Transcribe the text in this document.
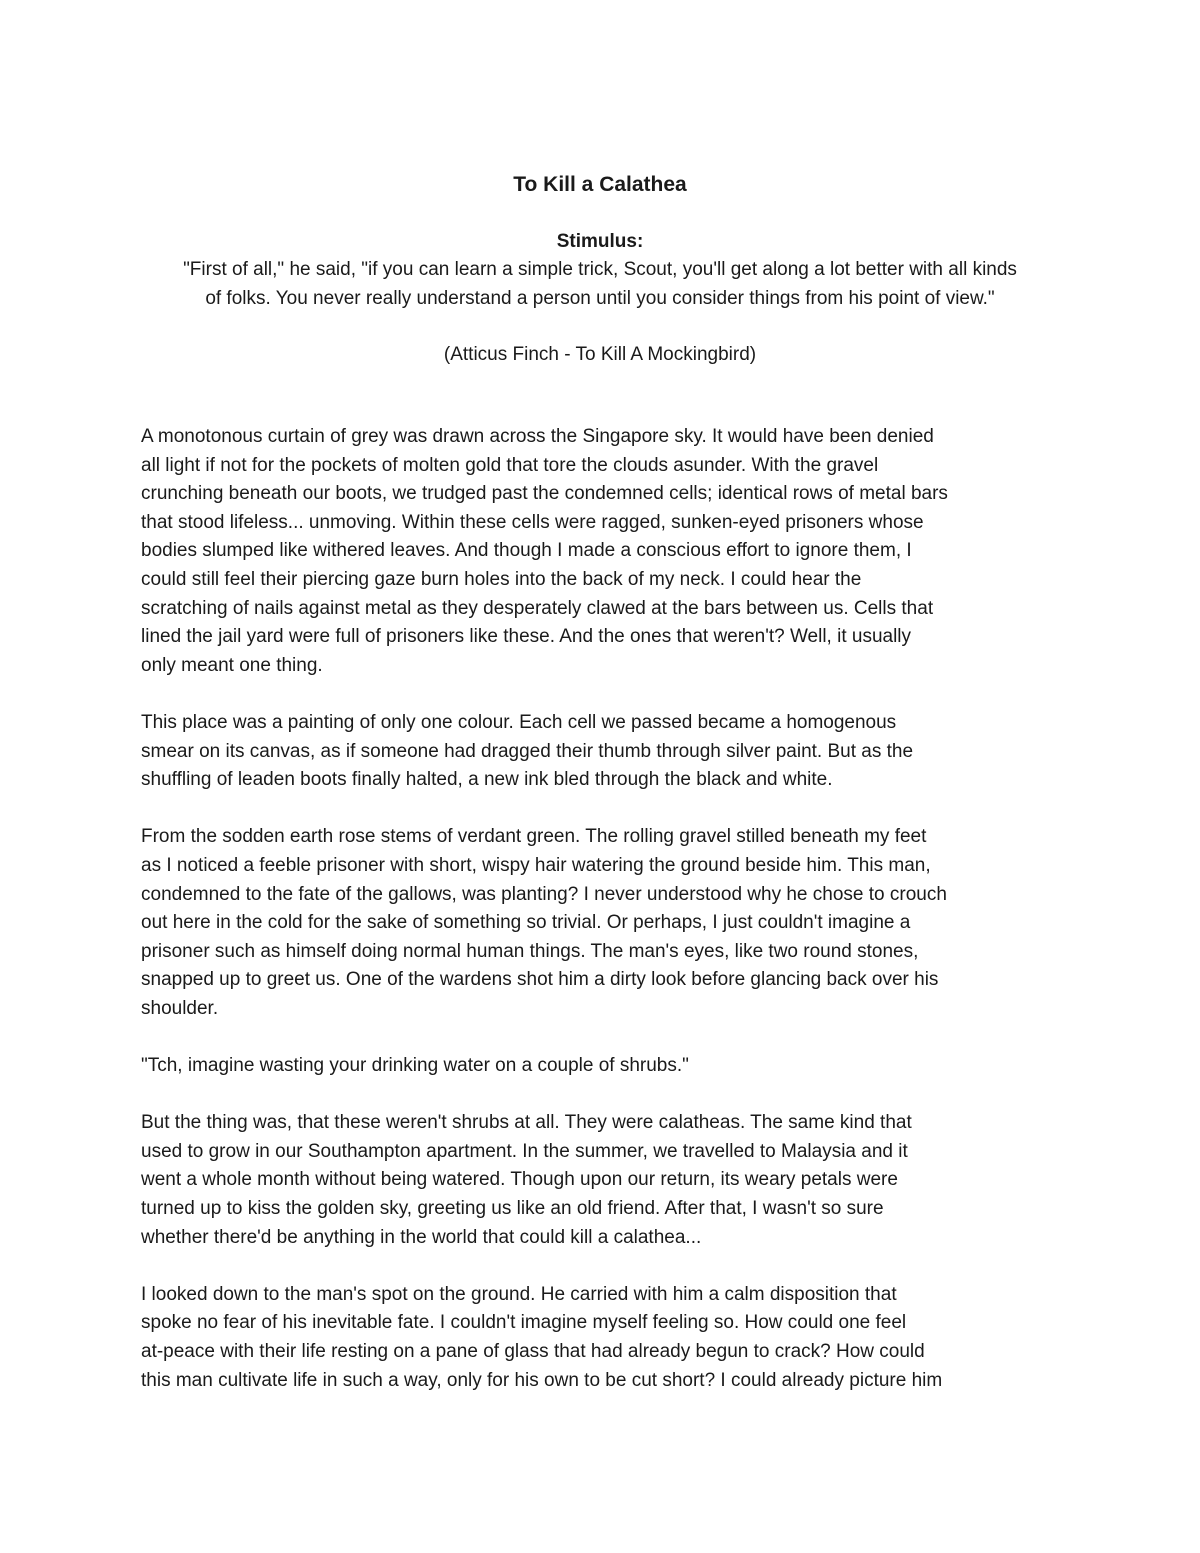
To Kill a Calathea
Stimulus:
"First of all," he said, "if you can learn a simple trick, Scout, you'll get along a lot better with all kinds
of folks. You never really understand a person until you consider things from his point of view."
(Atticus Finch - To Kill A Mockingbird)
A monotonous curtain of grey was drawn across the Singapore sky. It would have been denied
all light if not for the pockets of molten gold that tore the clouds asunder. With the gravel
crunching beneath our boots, we trudged past the condemned cells; identical rows of metal bars
that stood lifeless... unmoving. Within these cells were ragged, sunken-eyed prisoners whose
bodies slumped like withered leaves. And though I made a conscious effort to ignore them, I
could still feel their piercing gaze burn holes into the back of my neck. I could hear the
scratching of nails against metal as they desperately clawed at the bars between us. Cells that
lined the jail yard were full of prisoners like these. And the ones that weren't? Well, it usually
only meant one thing.
This place was a painting of only one colour. Each cell we passed became a homogenous
smear on its canvas, as if someone had dragged their thumb through silver paint. But as the
shuffling of leaden boots finally halted, a new ink bled through the black and white.
From the sodden earth rose stems of verdant green. The rolling gravel stilled beneath my feet
as I noticed a feeble prisoner with short, wispy hair watering the ground beside him. This man,
condemned to the fate of the gallows, was planting? I never understood why he chose to crouch
out here in the cold for the sake of something so trivial. Or perhaps, I just couldn't imagine a
prisoner such as himself doing normal human things. The man's eyes, like two round stones,
snapped up to greet us. One of the wardens shot him a dirty look before glancing back over his
shoulder.
"Tch, imagine wasting your drinking water on a couple of shrubs."
But the thing was, that these weren't shrubs at all. They were calatheas. The same kind that
used to grow in our Southampton apartment. In the summer, we travelled to Malaysia and it
went a whole month without being watered. Though upon our return, its weary petals were
turned up to kiss the golden sky, greeting us like an old friend. After that, I wasn't so sure
whether there'd be anything in the world that could kill a calathea...
I looked down to the man's spot on the ground. He carried with him a calm disposition that
spoke no fear of his inevitable fate. I couldn't imagine myself feeling so. How could one feel
at-peace with their life resting on a pane of glass that had already begun to crack? How could
this man cultivate life in such a way, only for his own to be cut short? I could already picture him
